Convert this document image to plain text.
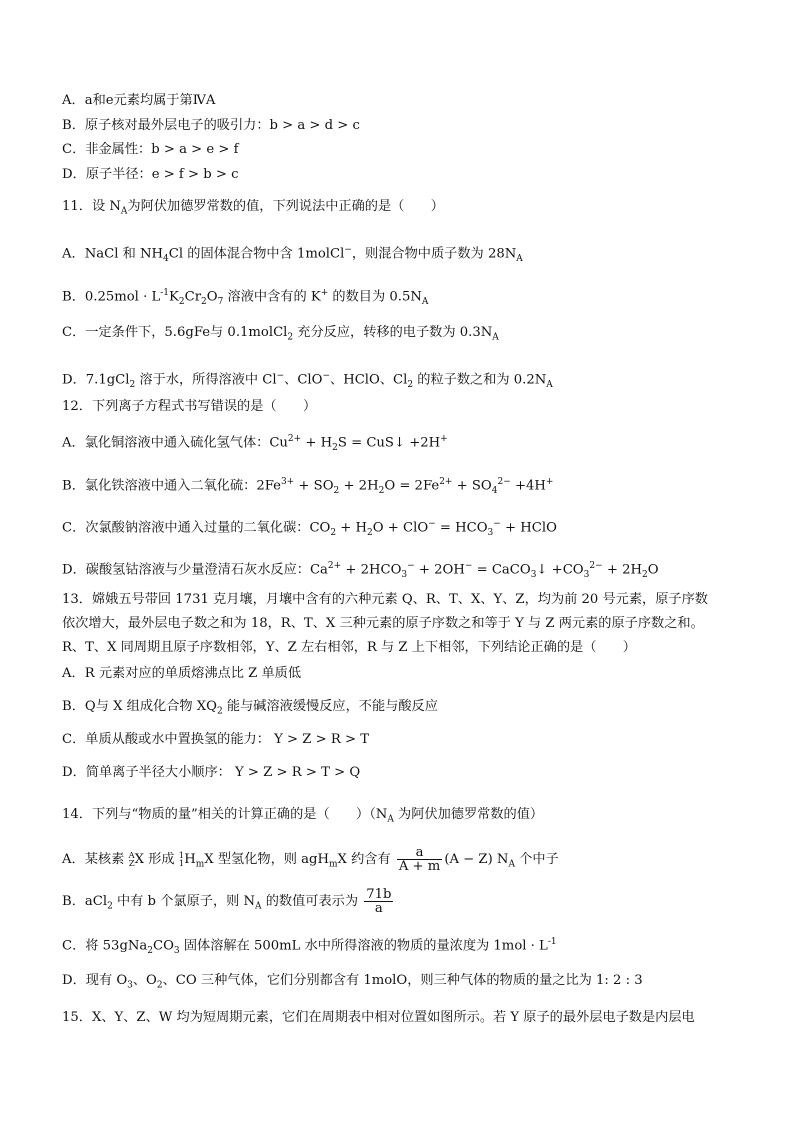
A．a和e元素均属于第ⅣA
B．原子核对最外层电子的吸引力：b > a > d > c
C．非金属性：b > a > e > f
D．原子半径：e > f > b > c
11．设 $N_A$为阿伏加德罗常数的值，下列说法中正确的是（　　）
A．NaCl 和 $NH_4Cl$ 的固体混合物中含 1molCl−，则混合物中质子数为 $28N_A$
B．$0.25mol \cdot L^{-1}K_2Cr_2O_7$ 溶液中含有的 K+ 的数目为 $0.5N_A$
C．一定条件下，5.6gFe与 0.1molCl$_2$ 充分反应，转移的电子数为 $0.3N_A$
D．7.1gCl$_2$ 溶于水，所得溶液中 Cl−、ClO−、HClO、$Cl_2$ 的粒子数之和为 $0.2N_A$
12．下列离子方程式书写错误的是（　　）
A．氯化铜溶液中通入硫化氢气体：$Cu^{2+} + H_2S$ = CuS↓ +2H+
B．氯化铁溶液中通入二氧化硫：$2Fe^{3+} + SO_2 + 2H_2O = 2Fe^{2+} + SO_4^{2-} +4H^+$
C．次氯酸钠溶液中通入过量的二氧化碳：$CO_2 + H_2O + ClO^- = HCO_3^-$ + HClO
D．碳酸氢钴溶液与少量澄清石灰水反应：$Ca^{2+} + 2HCO_3^- + 2OH^-$ = CaCO$_3$↓ $+CO_3^{2-} + 2H_2O$
13．嫦娥五号带回 1731 克月壤，月壤中含有的六种元素 Q、R、T、X、Y、Z，均为前 20 号元素，原子序数
依次增大，最外层电子数之和为 18，R、T、X 三种元素的原子序数之和等于 Y 与 Z 两元素的原子序数之和。
R、T、X 同周期且原子序数相邻，Y、Z 左右相邻，R 与 Z 上下相邻，下列结论正确的是（　　）
A．R 元素对应的单质熔沸点比 Z 单质低
B．Q与 X 组成化合物 $XQ_2$ 能与碱溶液缓慢反应，不能与酸反应
C．单质从酸或水中置换氢的能力： Y > Z > R > T
D．简单离子半径大小顺序： Y > Z > R > T > Q
14．下列与“物质的量”相关的计算正确的是（　　）（$N_A$ 为阿伏加德罗常数的值）
A．某核素 A
Z X 形成 1
1 $H_mX$ 型氢化物，则 agH$_m$X 约含有 $\frac{a}{A + m} (A - Z)$ $N_A$ 个中子
B．aCl$_2$ 中有 b 个氯原子，则 $N_A$ 的数值可表示为 $\frac{71b}{a}$
C．将 $53gNa_2CO_3$ 固体溶解在 500mL 水中所得溶液的物质的量浓度为 $1mol \cdot L^{-1}$
D．现有 $O_3$、$O_2$、CO 三种气体，它们分别都含有 1molO，则三种气体的物质的量之比为 1: 2 : 3
15．X、Y、Z、W 均为短周期元素，它们在周期表中相对位置如图所示。若 Y 原子的最外层电子数是内层电
